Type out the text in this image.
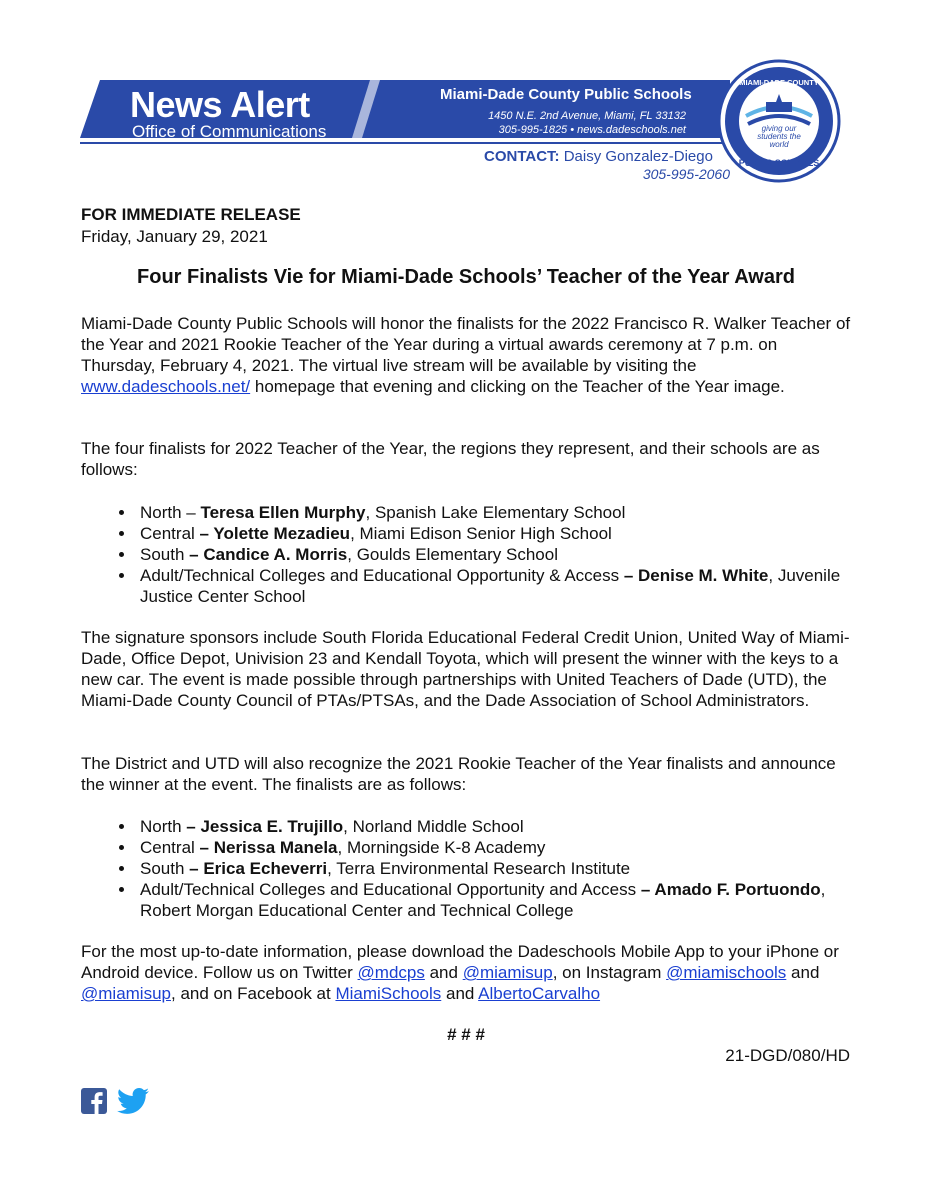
News Alert
Office of Communications
Miami-Dade County Public Schools
1450 N.E. 2nd Avenue, Miami, FL 33132
305-995-1825 • news.dadeschools.net
CONTACT: Daisy Gonzalez-Diego
305-995-2060
MIAMI-DADE COUNTY
giving our students the world
PUBLIC SCHOOLS
FOR IMMEDIATE RELEASE
Friday, January 29, 2021
Four Finalists Vie for Miami-Dade Schools’ Teacher of the Year Award

Miami-Dade County Public Schools will honor the finalists for the 2022 Francisco R. Walker Teacher of the Year and 2021 Rookie Teacher of the Year during a virtual awards ceremony at 7 p.m. on Thursday, February 4, 2021. The virtual live stream will be available by visiting the www.dadeschools.net/ homepage that evening and clicking on the Teacher of the Year image.

The four finalists for 2022 Teacher of the Year, the regions they represent, and their schools are as follows:

• North – Teresa Ellen Murphy, Spanish Lake Elementary School
• Central – Yolette Mezadieu, Miami Edison Senior High School
• South – Candice A. Morris, Goulds Elementary School
• Adult/Technical Colleges and Educational Opportunity & Access – Denise M. White, Juvenile Justice Center School

The signature sponsors include South Florida Educational Federal Credit Union, United Way of Miami-Dade, Office Depot, Univision 23 and Kendall Toyota, which will present the winner with the keys to a new car. The event is made possible through partnerships with United Teachers of Dade (UTD), the Miami-Dade County Council of PTAs/PTSAs, and the Dade Association of School Administrators.

The District and UTD will also recognize the 2021 Rookie Teacher of the Year finalists and announce the winner at the event. The finalists are as follows:

• North – Jessica E. Trujillo, Norland Middle School
• Central – Nerissa Manela, Morningside K-8 Academy
• South – Erica Echeverri, Terra Environmental Research Institute
• Adult/Technical Colleges and Educational Opportunity and Access – Amado F. Portuondo, Robert Morgan Educational Center and Technical College

For the most up-to-date information, please download the Dadeschools Mobile App to your iPhone or Android device. Follow us on Twitter @mdcps and @miamisup, on Instagram @miamischools and @miamisup, and on Facebook at MiamiSchools and AlbertoCarvalho

# # #
21-DGD/080/HD
